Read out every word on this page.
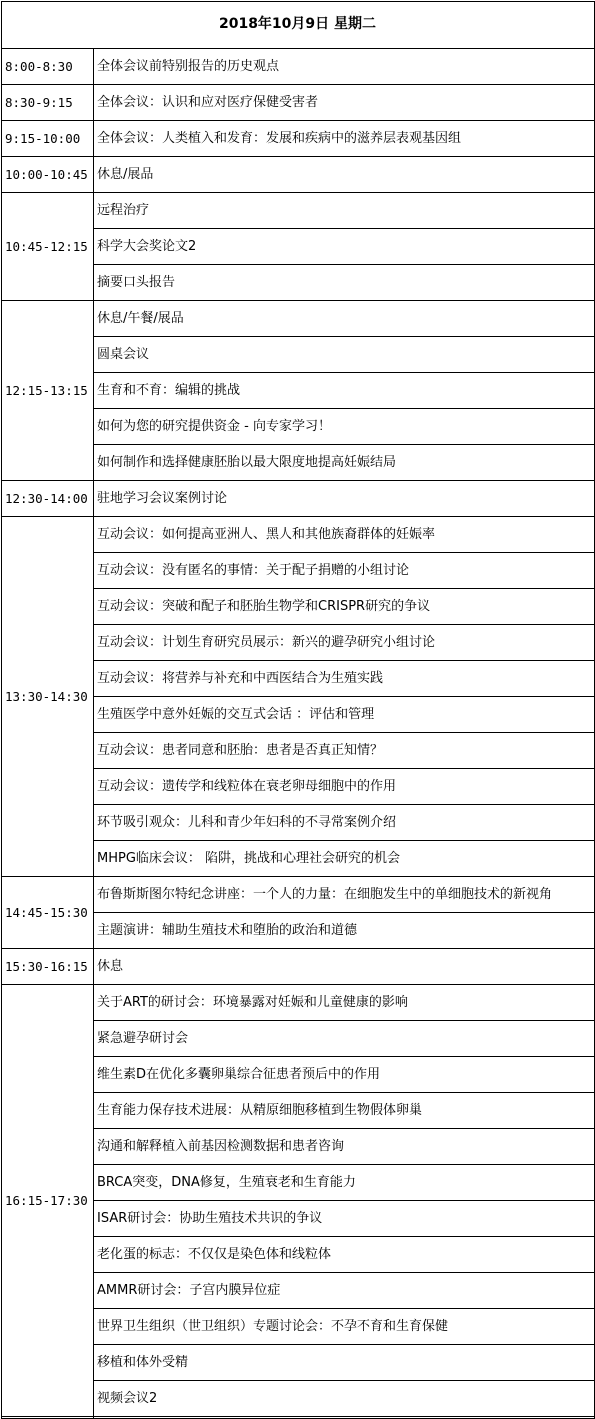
2018年10月9日 星期二
8:00-8:30	全体会议前特别报告的历史观点
8:30-9:15	全体会议：认识和应对医疗保健受害者
9:15-10:00	全体会议：人类植入和发育：发展和疾病中的滋养层表观基因组
10:00-10:45 休息/展品
10:45-12:15
远程治疗
科学大会奖论文2
摘要口头报告
12:15-13:15
休息/午餐/展品
圆桌会议
生育和不育：编辑的挑战
如何为您的研究提供资金 - 向专家学习！
如何制作和选择健康胚胎以最大限度地提高妊娠结局
12:30-14:00 驻地学习会议案例讨论
13:30-14:30
互动会议：如何提高亚洲人、黑人和其他族裔群体的妊娠率
互动会议：没有匿名的事情：关于配子捐赠的小组讨论
互动会议：突破和配子和胚胎生物学和CRISPR研究的争议
互动会议：计划生育研究员展示：新兴的避孕研究小组讨论
互动会议：将营养与补充和中西医结合为生殖实践
生殖医学中意外妊娠的交互式会话 ：评估和管理
互动会议：患者同意和胚胎：患者是否真正知情？
互动会议：遗传学和线粒体在衰老卵母细胞中的作用
环节吸引观众：儿科和青少年妇科的不寻常案例介绍
MHPG临床会议： 陷阱，挑战和心理社会研究的机会
14:45-15:30
布鲁斯斯图尔特纪念讲座：一个人的力量：在细胞发生中的单细胞技术的新视角
主题演讲：辅助生殖技术和堕胎的政治和道德
15:30-16:15 休息
16:15-17:30
关于ART的研讨会：环境暴露对妊娠和儿童健康的影响
紧急避孕研讨会
维生素D在优化多囊卵巢综合征患者预后中的作用
生育能力保存技术进展：从精原细胞移植到生物假体卵巢
沟通和解释植入前基因检测数据和患者咨询
BRCA突变，DNA修复，生殖衰老和生育能力
ISAR研讨会：协助生殖技术共识的争议
老化蛋的标志：不仅仅是染色体和线粒体
AMMR研讨会：子宫内膜异位症
世界卫生组织（世卫组织）专题讨论会：不孕不育和生育保健
移植和体外受精
视频会议2
